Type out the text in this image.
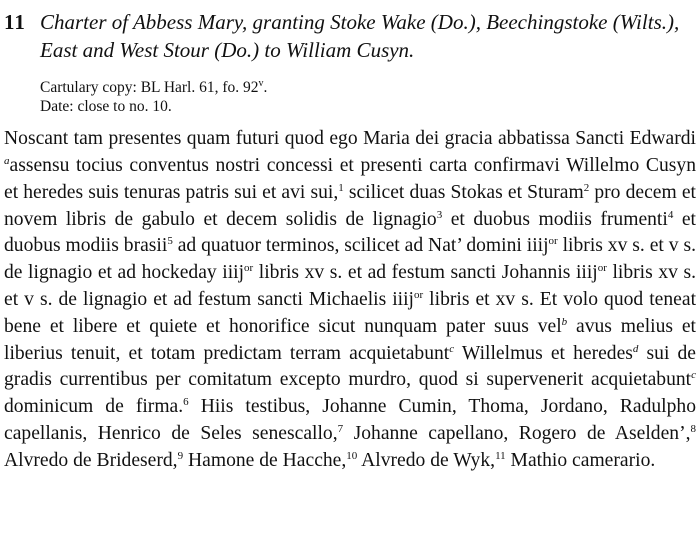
11 Charter of Abbess Mary, granting Stoke Wake (Do.), Beechingstoke (Wilts.), East and West Stour (Do.) to William Cusyn.

Cartulary copy: BL Harl. 61, fo. 92$^v$.
Date: close to no. 10.

Noscant tam presentes quam futuri quod ego Maria dei gracia abbatissa Sancti Edwardi $^a$assensu tocius conventus nostri concessi et presenti carta confirmavi Willelmo Cusyn et heredes suis tenuras patris sui et avi sui,$^1$ scilicet duas Stokas et Sturam$^2$ pro decem et novem libris de gabulo et decem solidis de lignagio$^3$ et duobus modiis frumenti$^4$ et duobus modiis brasii$^5$ ad quatuor terminos, scilicet ad Nat’ domini iiij$^{or}$ libris xv s. et v s. de lignagio et ad hockeday iiij$^{or}$ libris xv s. et ad festum sancti Johannis iiij$^{or}$ libris xv s. et v s. de lignagio et ad festum sancti Michaelis iiij$^{or}$ libris et xv s. Et volo quod teneat bene et libere et quiete et honorifice sicut nunquam pater suus vel$^b$ avus melius et liberius tenuit, et totam predictam terram acquietabunt$^c$ Willelmus et heredes$^d$ sui de gradis currentibus per comitatum excepto murdro, quod si supervenerit acquietabunt$^c$ dominicum de firma.$^6$ Hiis testibus, Johanne Cumin, Thoma, Jordano, Radulpho capellanis, Henrico de Seles senescallo,$^7$ Johanne capellano, Rogero de Aselden’,$^8$ Alvredo de Brideserd,$^9$ Hamone de Hacche,$^{10}$ Alvredo de Wyk,$^{11}$ Mathio camerario.
